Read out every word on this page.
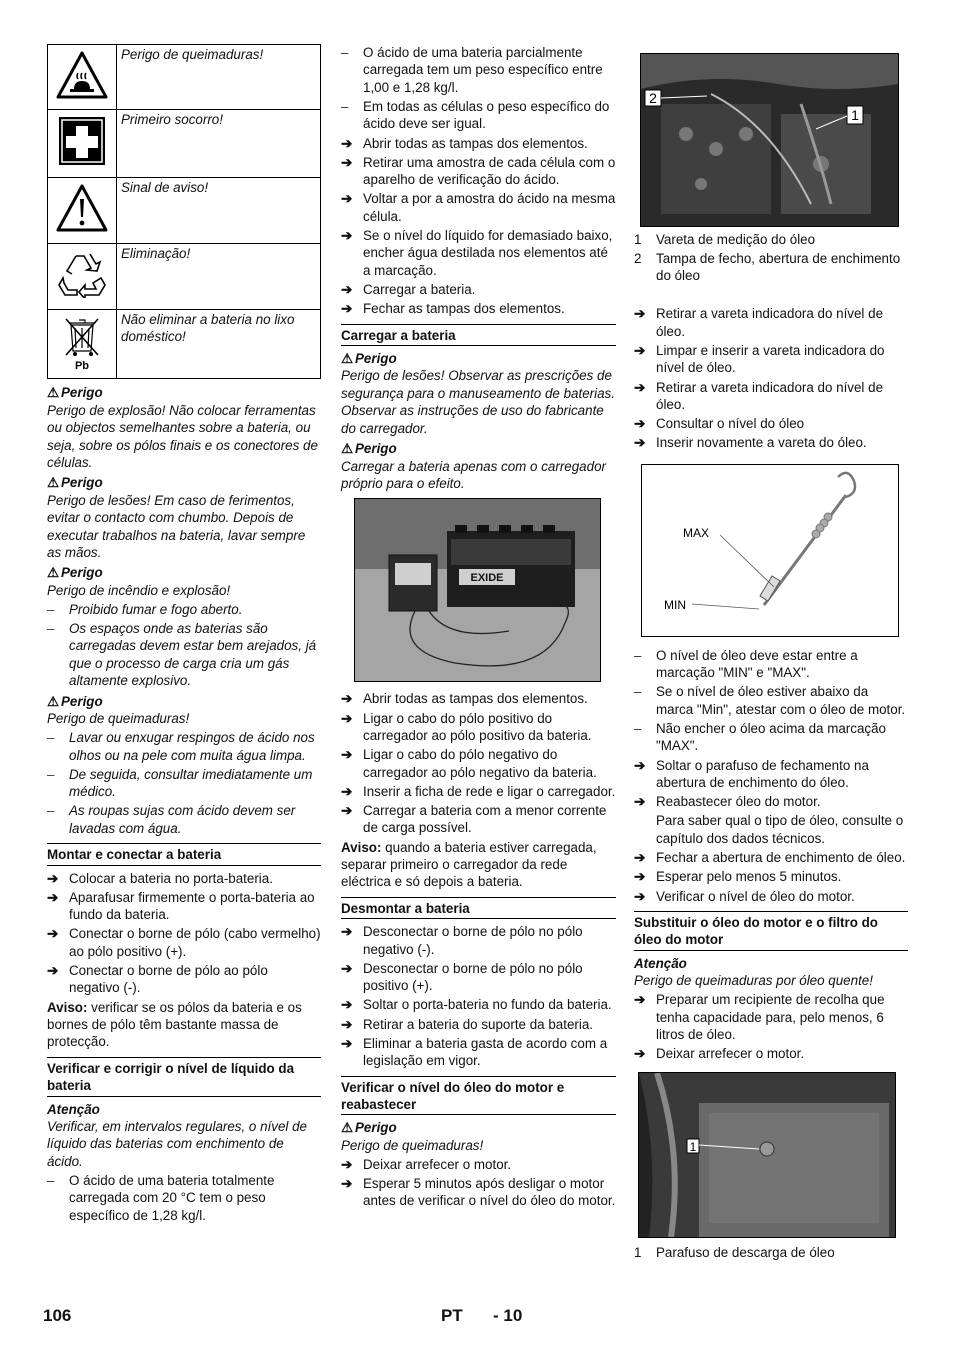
	Perigo de queimaduras!
	Primeiro socorro!
	Sinal de aviso!
	Eliminação!

Pb	Não eliminar a bateria no lixo doméstico!
⚠ Perigo
Perigo de explosão! Não colocar ferramentas ou objectos semelhantes sobre a bateria, ou seja, sobre os pólos finais e os conectores de células.
⚠ Perigo
Perigo de lesões! Em caso de ferimentos, evitar o contacto com chumbo. Depois de executar trabalhos na bateria, lavar sempre as mãos.
⚠ Perigo
Perigo de incêndio e explosão!
–	Proibido fumar e fogo aberto.
–	Os espaços onde as baterias são carregadas devem estar bem arejados, já que o processo de carga cria um gás altamente explosivo.
⚠ Perigo
Perigo de queimaduras!
–	Lavar ou enxugar respingos de ácido nos olhos ou na pele com muita água limpa.
–	De seguida, consultar imediatamente um médico.
–	As roupas sujas com ácido devem ser lavadas com água.
Montar e conectar a bateria
➔ Colocar a bateria no porta-bateria.
➔ Aparafusar firmemente o porta-bateria ao fundo da bateria.
➔ Conectar o borne de pólo (cabo vermelho) ao pólo positivo (+).
➔ Conectar o borne de pólo ao pólo negativo (-).
Aviso: verificar se os pólos da bateria e os bornes de pólo têm bastante massa de protecção.
Verificar e corrigir o nível de líquido da bateria
Atenção
Verificar, em intervalos regulares, o nível de líquido das baterias com enchimento de ácido.
–	O ácido de uma bateria totalmente carregada com 20 °C tem o peso específico de 1,28 kg/l.
–	O ácido de uma bateria parcialmente carregada tem um peso específico entre 1,00 e 1,28 kg/l.
–	Em todas as células o peso específico do ácido deve ser igual.
➔ Abrir todas as tampas dos elementos.
➔ Retirar uma amostra de cada célula com o aparelho de verificação do ácido.
➔ Voltar a por a amostra do ácido na mesma célula.
➔ Se o nível do líquido for demasiado baixo, encher água destilada nos elementos até a marcação.
➔ Carregar a bateria.
➔ Fechar as tampas dos elementos.
Carregar a bateria
⚠ Perigo
Perigo de lesões! Observar as prescrições de segurança para o manuseamento de baterias. Observar as instruções de uso do fabricante do carregador.
⚠ Perigo
Carregar a bateria apenas com o carregador próprio para o efeito.
EXIDE
➔ Abrir todas as tampas dos elementos.
➔ Ligar o cabo do pólo positivo do carregador ao pólo positivo da bateria.
➔ Ligar o cabo do pólo negativo do carregador ao pólo negativo da bateria.
➔ Inserir a ficha de rede e ligar o carregador.
➔ Carregar a bateria com a menor corrente de carga possível.
Aviso: quando a bateria estiver carregada, separar primeiro o carregador da rede eléctrica e só depois a bateria.
Desmontar a bateria
➔ Desconectar o borne de pólo no pólo negativo (-).
➔ Desconectar o borne de pólo no pólo positivo (+).
➔ Soltar o porta-bateria no fundo da bateria.
➔ Retirar a bateria do suporte da bateria.
➔ Eliminar a bateria gasta de acordo com a legislação em vigor.
Verificar o nível do óleo do motor e reabastecer
⚠ Perigo
Perigo de queimaduras!
➔ Deixar arrefecer o motor.
➔ Esperar 5 minutos após desligar o motor antes de verificar o nível do óleo do motor.
2
1
1	Vareta de medição do óleo
2	Tampa de fecho, abertura de enchimento do óleo
➔ Retirar a vareta indicadora do nível de óleo.
➔ Limpar e inserir a vareta indicadora do nível de óleo.
➔ Retirar a vareta indicadora do nível de óleo.
➔ Consultar o nível do óleo
➔ Inserir novamente a vareta do óleo.
MAX
MIN
–	O nível de óleo deve estar entre a marcação "MIN" e "MAX".
–	Se o nível de óleo estiver abaixo da marca "Min", atestar com o óleo de motor.
–	Não encher o óleo acima da marcação "MAX".
➔ Soltar o parafuso de fechamento na abertura de enchimento do óleo.
➔ Reabastecer óleo do motor.
Para saber qual o tipo de óleo, consulte o capítulo dos dados técnicos.
➔ Fechar a abertura de enchimento de óleo.
➔ Esperar pelo menos 5 minutos.
➔ Verificar o nível de óleo do motor.
Substituir o óleo do motor e o filtro do óleo do motor
Atenção
Perigo de queimaduras por óleo quente!
➔ Preparar um recipiente de recolha que tenha capacidade para, pelo menos, 6 litros de óleo.
➔ Deixar arrefecer o motor.
1
1	Parafuso de descarga de óleo
106	PT - 10
